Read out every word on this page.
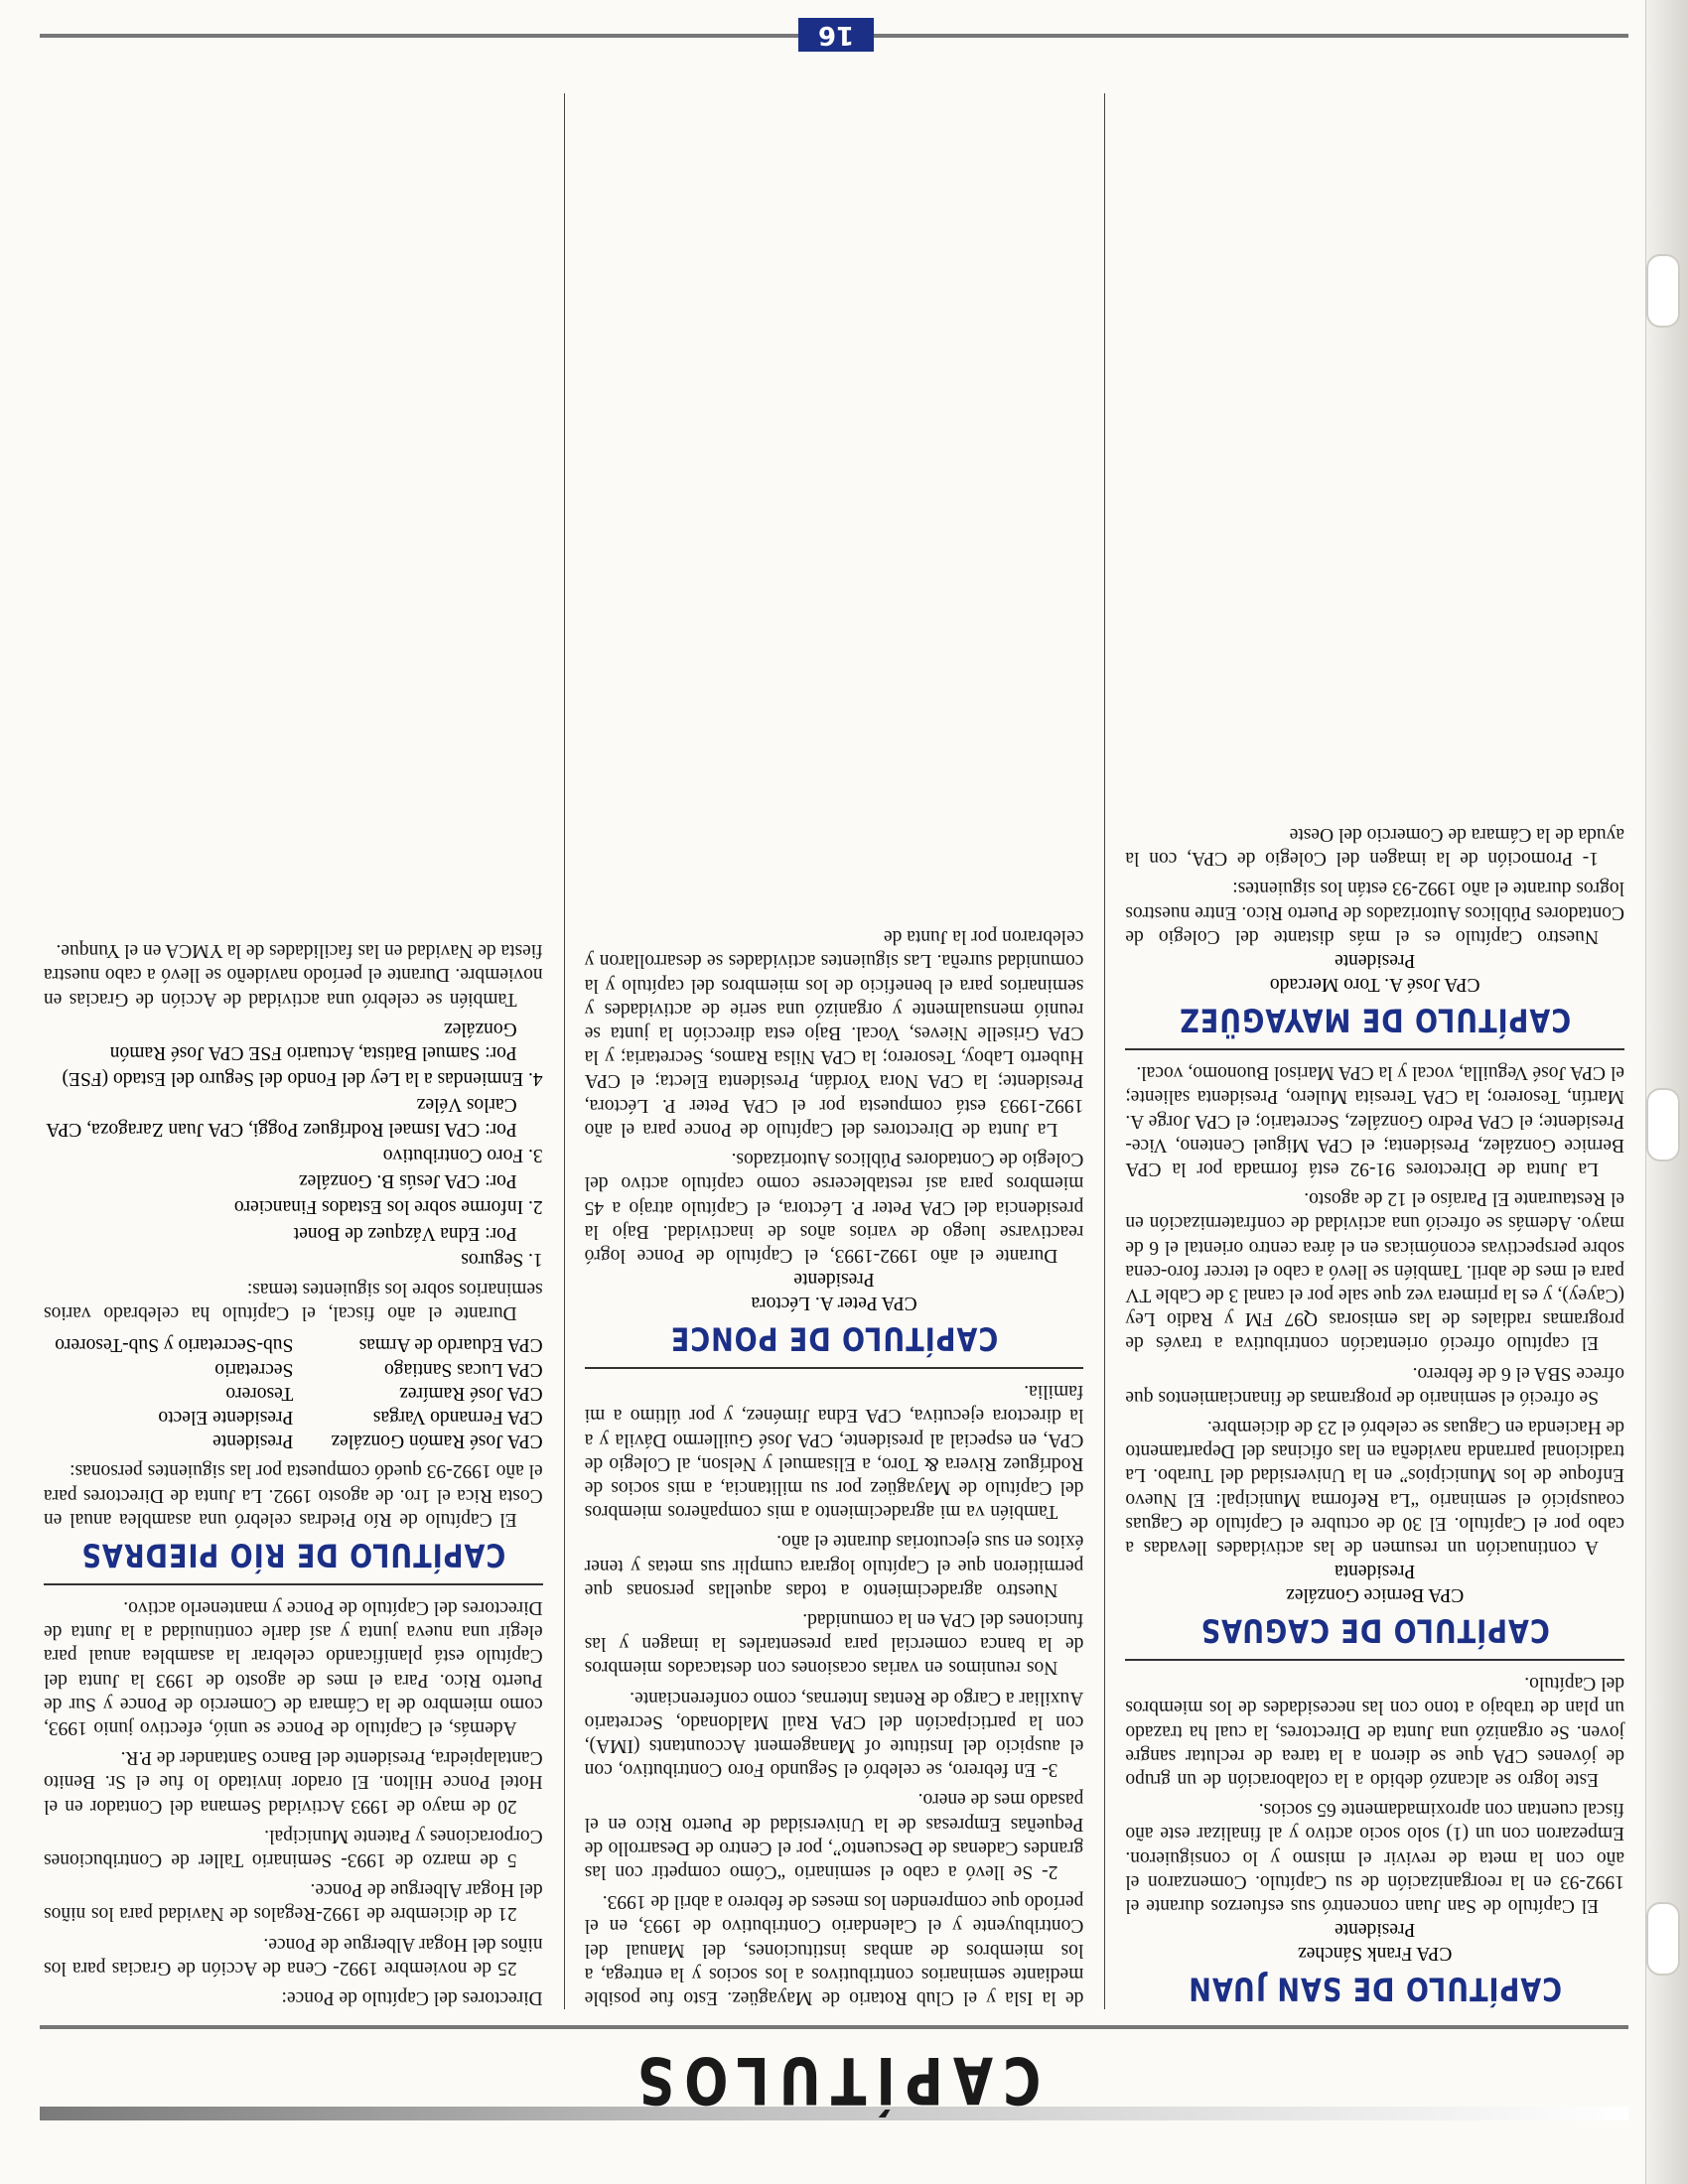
CAPÍTULOS
CAPÍTULO DE SAN JUAN
CPA Frank Sánchez
Presidente

El Capítulo de San Juan concentró sus esfuerzos durante el 1992-93 en la reorganización de su Capítulo. Comenzaron el año con la meta de revivir el mismo y lo consiguieron. Empezaron con un (1) solo socio activo y al finalizar este año fiscal cuentan con aproximadamente 65 socios.

Este logro se alcanzó debido a la colaboración de un grupo de jóvenes CPA que se dieron a la tarea de reclutar sangre joven. Se organizó una Junta de Directores, la cual ha trazado un plan de trabajo a tono con las necesidades de los miembros del Capítulo.

CAPÍTULO DE CAGUAS
CPA Bernice González
Presidenta

A continuación un resumen de las actividades llevadas a cabo por el Capítulo. El 30 de octubre el Capítulo de Caguas coauspició el seminario “La Reforma Municipal: El Nuevo Enfoque de los Municipios” en la Universidad del Turabo. La tradicional parranda navideña en las oficinas del Departamento de Hacienda en Caguas se celebró el 23 de diciembre.

Se ofreció el seminario de programas de financiamientos que ofrece SBA el 6 de febrero.

El capítulo ofreció orientación contributiva a través de programas radiales de las emisoras Q97 FM y Radio Ley (Cayey), y es la primera vez que sale por el canal 3 de Cable TV para el mes de abril. También se llevó a cabo el tercer foro-cena sobre perspectivas económicas en el área centro oriental el 6 de mayo. Además se ofreció una actividad de confraternización en el Restaurante El Paraíso el 12 de agosto.

La Junta de Directores 91-92 está formada por la CPA Bernice González, Presidenta; el CPA Miguel Centeno, Vice-Presidente; el CPA Pedro González, Secretario; el CPA Jorge A. Martín, Tesorero; la CPA Teresita Mulero, Presidenta saliente; el CPA José Veguilla, vocal y la CPA Marisol Buonomo, vocal.

CAPÍTULO DE MAYAGÜEZ
CPA José A. Toro Mercado
Presidente

Nuestro Capítulo es el más distante del Colegio de Contadores Públicos Autorizados de Puerto Rico. Entre nuestros logros durante el año 1992-93 están los siguientes:

1- Promoción de la imagen del Colegio de CPA, con la ayuda de la Cámara de Comercio del Oeste

de la Isla y el Club Rotario de Mayagüez. Esto fue posible mediante seminarios contributivos a los socios y la entrega, a los miembros de ambas instituciones, del Manual del Contribuyente y el Calendario Contributivo de 1993, en el período que comprenden los meses de febrero a abril de 1993.

2- Se llevó a cabo el seminario “Cómo competir con las grandes Cadenas de Descuento”, por el Centro de Desarrollo de Pequeñas Empresas de la Universidad de Puerto Rico en el pasado mes de enero.

3- En febrero, se celebró el Segundo Foro Contributivo, con el auspicio del Institute of Management Accountants (IMA), con la participación del CPA Raúl Maldonado, Secretario Auxiliar a Cargo de Rentas Internas, como conferenciante.

Nos reunimos en varias ocasiones con destacados miembros de la banca comercial para presentarles la imagen y las funciones del CPA en la comunidad.

Nuestro agradecimiento a todas aquellas personas que permitieron que el Capítulo lograra cumplir sus metas y tener éxitos en sus ejecutorias durante el año.

También va mi agradecimiento a mis compañeros miembros del Capítulo de Mayagüez por su militancia, a mis socios de Rodríguez Rivera & Toro, a Elisamuel y Nelson, al Colegio de CPA, en especial al presidente, CPA José Guillermo Dávila y a la directora ejecutiva, CPA Edna Jiménez, y por último a mi familia.

CAPÍTULO DE PONCE
CPA Peter A. Léctora
Presidente

Durante el año 1992-1993, el Capítulo de Ponce logró reactivarse luego de varios años de inactividad. Bajo la presidencia del CPA Peter P. Léctora, el Capítulo atrajo a 45 miembros para así restablecerse como capítulo activo del Colegio de Contadores Públicos Autorizados.

La Junta de Directores del Capítulo de Ponce para el año 1992-1993 está compuesta por el CPA Peter P. Léctora, Presidente; la CPA Nora Yordán, Presidenta Electa; el CPA Huberto Laboy, Tesorero; la CPA Nilsa Ramos, Secretaria; y la CPA Griselle Nieves, Vocal. Bajo esta dirección la junta se reunió mensualmente y organizó una serie de actividades y seminarios para el beneficio de los miembros del capítulo y la comunidad sureña. Las siguientes actividades se desarrollaron y celebraron por la Junta de

Directores del Capítulo de Ponce:

25 de noviembre 1992- Cena de Acción de Gracias para los niños del Hogar Albergue de Ponce.

21 de diciembre de 1992-Regalos de Navidad para los niños del Hogar Albergue de Ponce.

5 de marzo de 1993- Seminario Taller de Contribuciones Corporaciones y Patente Municipal.

20 de mayo de 1993 Actividad Semana del Contador en el Hotel Ponce Hilton. El orador invitado lo fue el Sr. Benito Cantalapiedra, Presidente del Banco Santander de P.R.

Además, el Capítulo de Ponce se unió, efectivo junio 1993, como miembro de la Cámara de Comercio de Ponce y Sur de Puerto Rico. Para el mes de agosto de 1993 la Junta del Capítulo está planificando celebrar la asamblea anual para elegir una nueva junta y así darle continuidad a la Junta de Directores del Capítulo de Ponce y mantenerlo activo.

CAPÍTULO DE RÍO PIEDRAS

El Capítulo de Río Piedras celebró una asamblea anual en Costa Rica el 1ro. de agosto 1992. La Junta de Directores para el año 1992-93 quedó compuesta por las siguientes personas:

CPA José Ramón González
Presidente
CPA Fernando Vargas
Presidente Electo
CPA José Ramírez
Tesorero
CPA Lucas Santiago
Secretario
CPA Eduardo de Armas
Sub-Secretario y Sub-Tesorero

Durante el año fiscal, el Capítulo ha celebrado varios seminarios sobre los siguientes temas:

1. Seguros
Por: Edna Vázquez de Bonet
2. Informe sobre los Estados Financiero
Por: CPA Jesús B. González
3. Foro Contributivo
Por: CPA Ismael Rodríguez Poggi, CPA Juan Zaragoza, CPA Carlos Vélez
4. Enmiendas a la Ley del Fondo del Seguro del Estado (FSE)
Por: Samuel Batista, Actuario FSE CPA José Ramón González

También se celebró una actividad de Acción de Gracias en noviembre. Durante el período navideño se llevó a cabo nuestra fiesta de Navidad en las facilidades de la YMCA en el Yunque.

16
